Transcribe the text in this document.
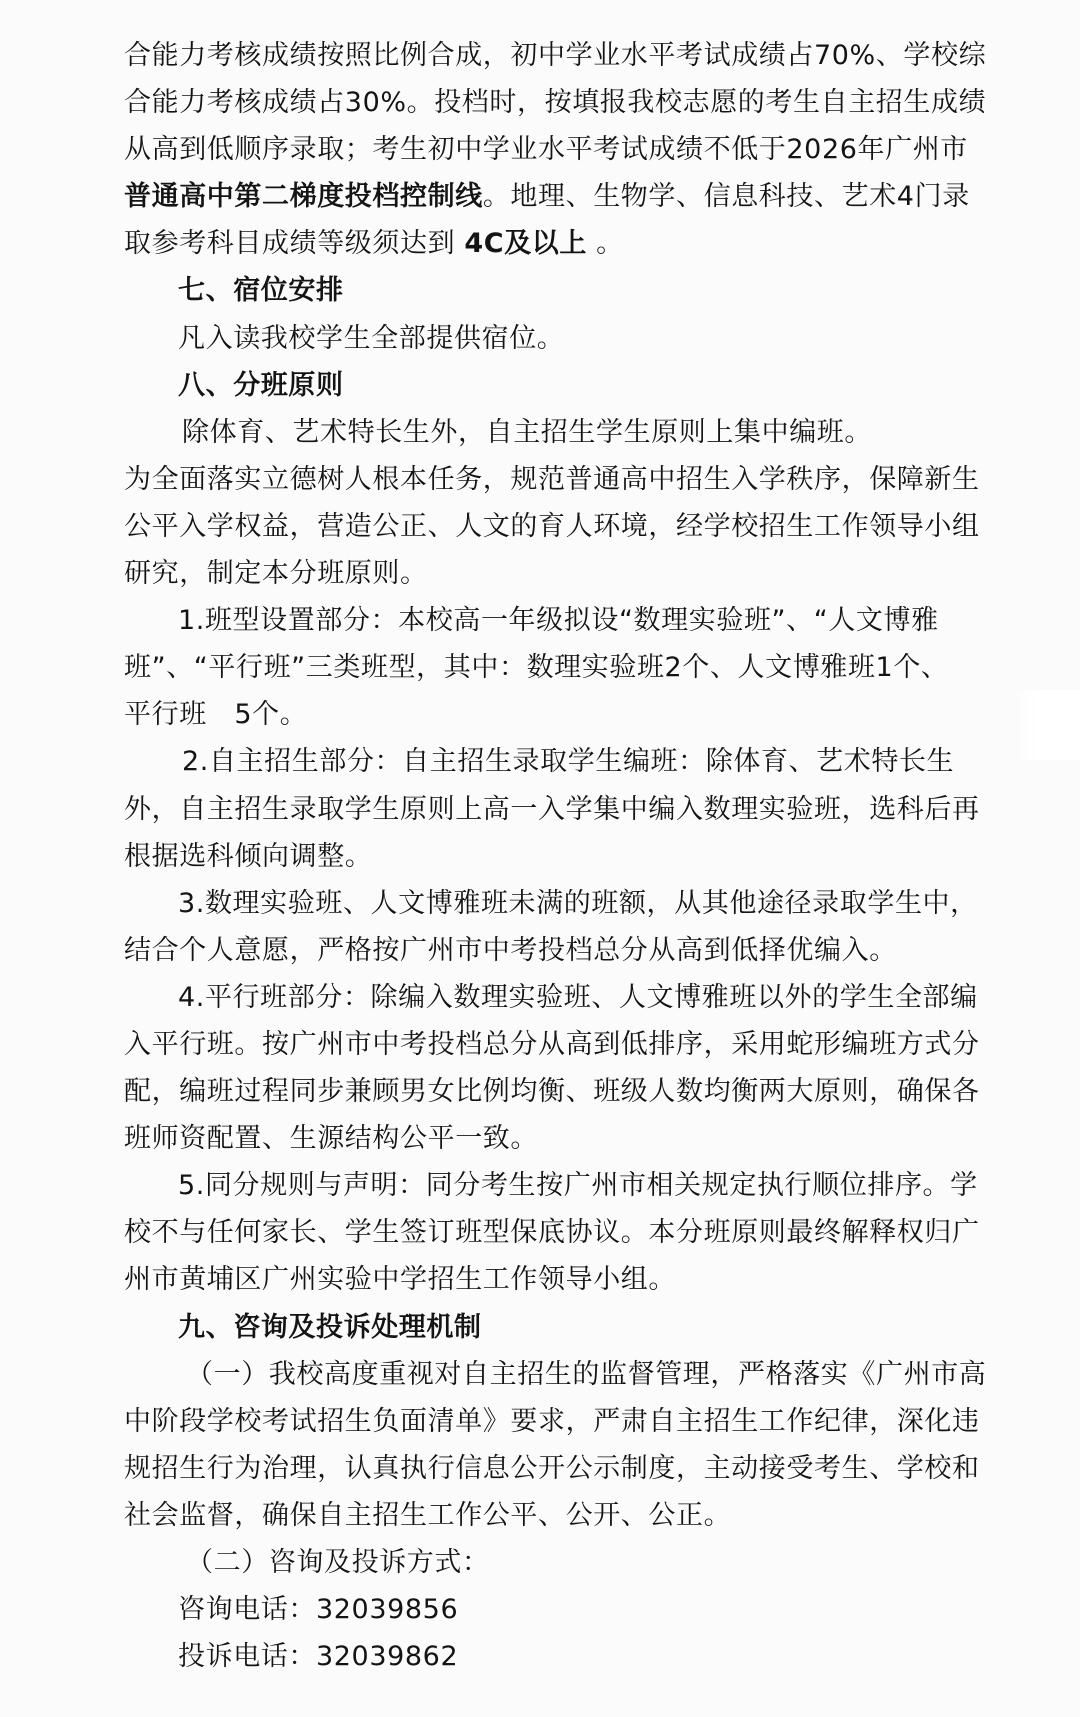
合能力考核成绩按照比例合成，初中学业水平考试成绩占70%、学校综
合能力考核成绩占30%。投档时，按填报我校志愿的考生自主招生成绩
从高到低顺序录取；考生初中学业水平考试成绩不低于2026年广州市
普通高中第二梯度投档控制线。地理、生物学、信息科技、艺术4门录
取参考科目成绩等级须达到 4C及以上 。
七、宿位安排
凡入读我校学生全部提供宿位。
八、分班原则
除体育、艺术特长生外，自主招生学生原则上集中编班。
为全面落实立德树人根本任务，规范普通高中招生入学秩序，保障新生
公平入学权益，营造公正、人文的育人环境，经学校招生工作领导小组
研究，制定本分班原则。
1.班型设置部分：本校高一年级拟设“数理实验班”、“人文博雅
班”、“平行班”三类班型，其中：数理实验班2个、人文博雅班1个、
平行班　5个。
2.自主招生部分：自主招生录取学生编班：除体育、艺术特长生
外，自主招生录取学生原则上高一入学集中编入数理实验班，选科后再
根据选科倾向调整。
3.数理实验班、人文博雅班未满的班额，从其他途径录取学生中，
结合个人意愿，严格按广州市中考投档总分从高到低择优编入。
4.平行班部分：除编入数理实验班、人文博雅班以外的学生全部编
入平行班。按广州市中考投档总分从高到低排序，采用蛇形编班方式分
配，编班过程同步兼顾男女比例均衡、班级人数均衡两大原则，确保各
班师资配置、生源结构公平一致。
5.同分规则与声明：同分考生按广州市相关规定执行顺位排序。学
校不与任何家长、学生签订班型保底协议。本分班原则最终解释权归广
州市黄埔区广州实验中学招生工作领导小组。
九、咨询及投诉处理机制
（一）我校高度重视对自主招生的监督管理，严格落实《广州市高
中阶段学校考试招生负面清单》要求，严肃自主招生工作纪律，深化违
规招生行为治理，认真执行信息公开公示制度，主动接受考生、学校和
社会监督，确保自主招生工作公平、公开、公正。
（二）咨询及投诉方式：
咨询电话：32039856
投诉电话：32039862
